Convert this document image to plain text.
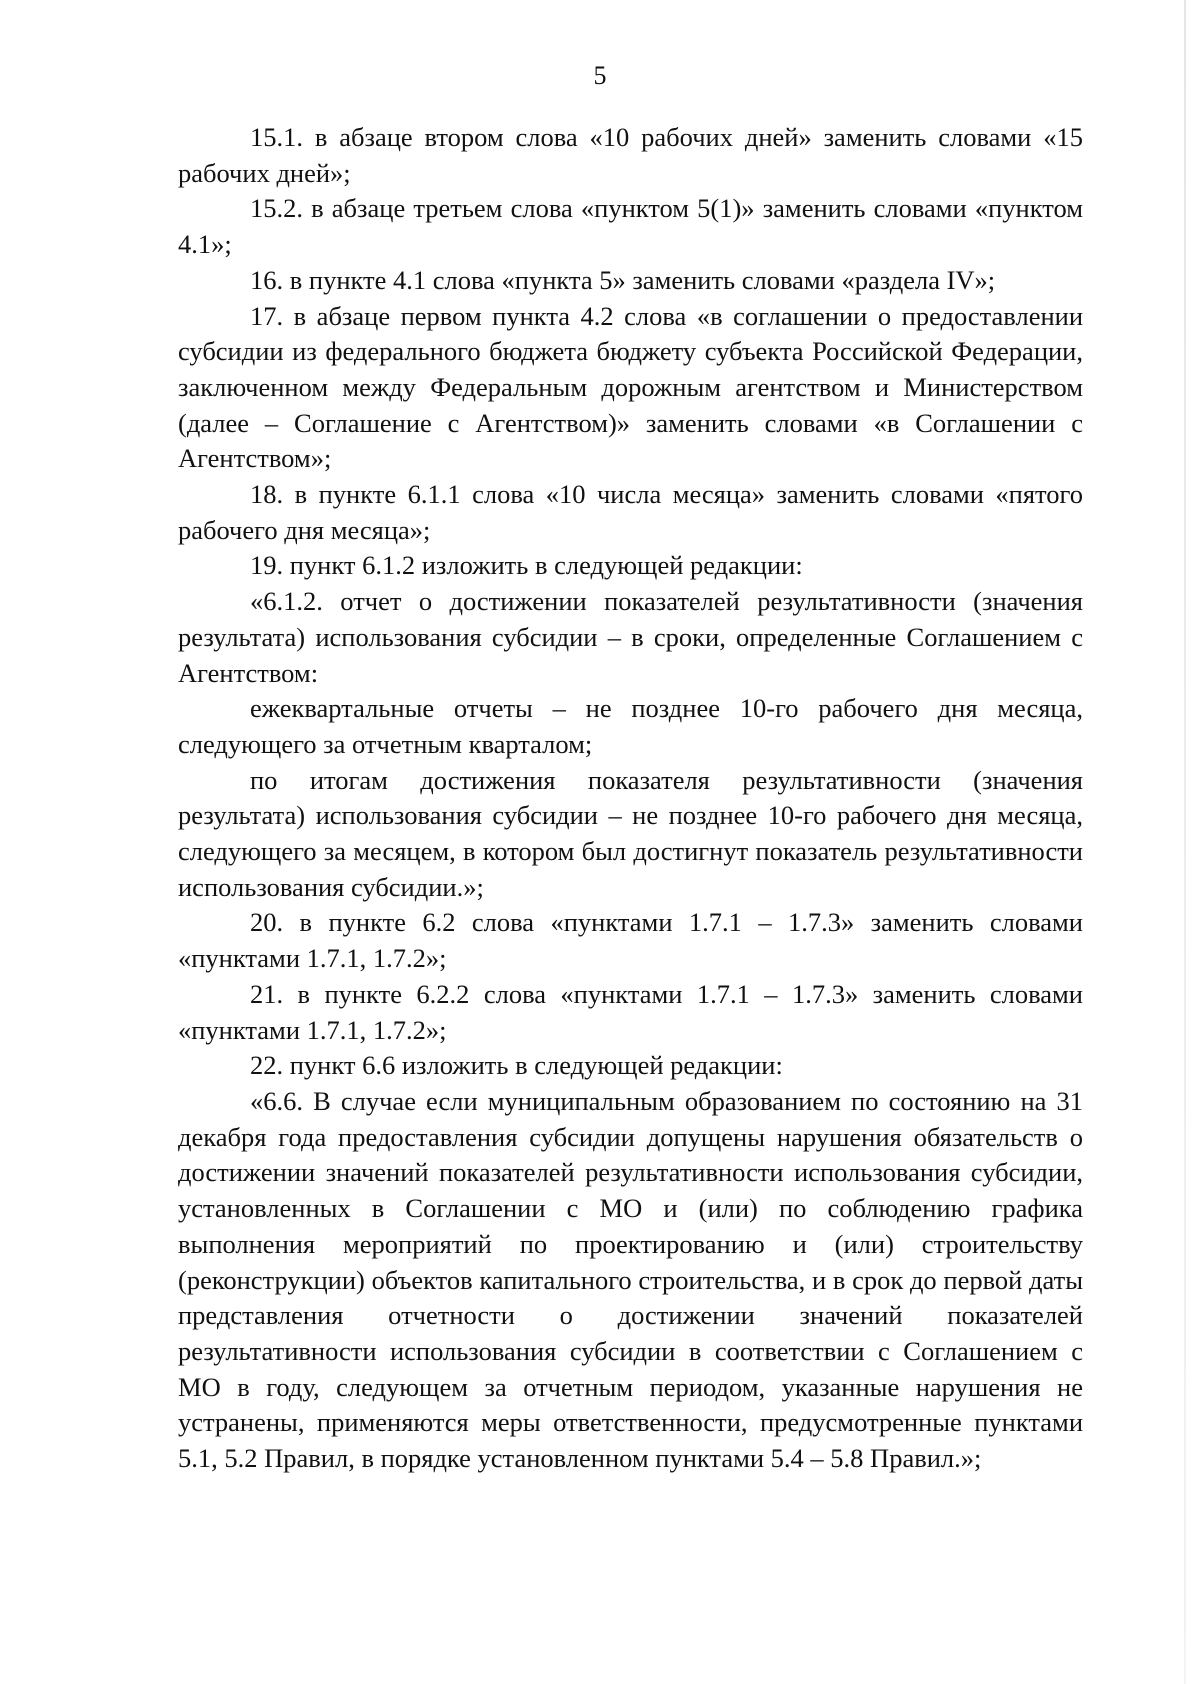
5

15.1. в абзаце втором слова «10 рабочих дней» заменить словами «15 рабочих дней»;

15.2. в абзаце третьем слова «пунктом 5(1)» заменить словами «пунктом 4.1»;

16. в пункте 4.1 слова «пункта 5» заменить словами «раздела IV»;

17. в абзаце первом пункта 4.2 слова «в соглашении о предоставлении субсидии из федерального бюджета бюджету субъекта Российской Федерации, заключенном между Федеральным дорожным агентством и Министерством (далее – Соглашение с Агентством)» заменить словами «в Соглашении с Агентством»;

18. в пункте 6.1.1 слова «10 числа месяца» заменить словами «пятого рабочего дня месяца»;

19. пункт 6.1.2 изложить в следующей редакции:

«6.1.2. отчет о достижении показателей результативности (значения результата) использования субсидии – в сроки, определенные Соглашением с Агентством:

ежеквартальные отчеты – не позднее 10-го рабочего дня месяца, следующего за отчетным кварталом;

по итогам достижения показателя результативности (значения результата) использования субсидии – не позднее 10-го рабочего дня месяца, следующего за месяцем, в котором был достигнут показатель результативности использования субсидии.»;

20. в пункте 6.2 слова «пунктами 1.7.1 – 1.7.3» заменить словами «пунктами 1.7.1, 1.7.2»;

21. в пункте 6.2.2 слова «пунктами 1.7.1 – 1.7.3» заменить словами «пунктами 1.7.1, 1.7.2»;

22. пункт 6.6 изложить в следующей редакции:

«6.6. В случае если муниципальным образованием по состоянию на 31 декабря года предоставления субсидии допущены нарушения обязательств о достижении значений показателей результативности использования субсидии, установленных в Соглашении с МО и (или) по соблюдению графика выполнения мероприятий по проектированию и (или) строительству (реконструкции) объектов капитального строительства, и в срок до первой даты представления отчетности о достижении значений показателей результативности использования субсидии в соответствии с Соглашением с МО в году, следующем за отчетным периодом, указанные нарушения не устранены, применяются меры ответственности, предусмотренные пунктами 5.1, 5.2 Правил, в порядке установленном пунктами 5.4 – 5.8 Правил.»;
